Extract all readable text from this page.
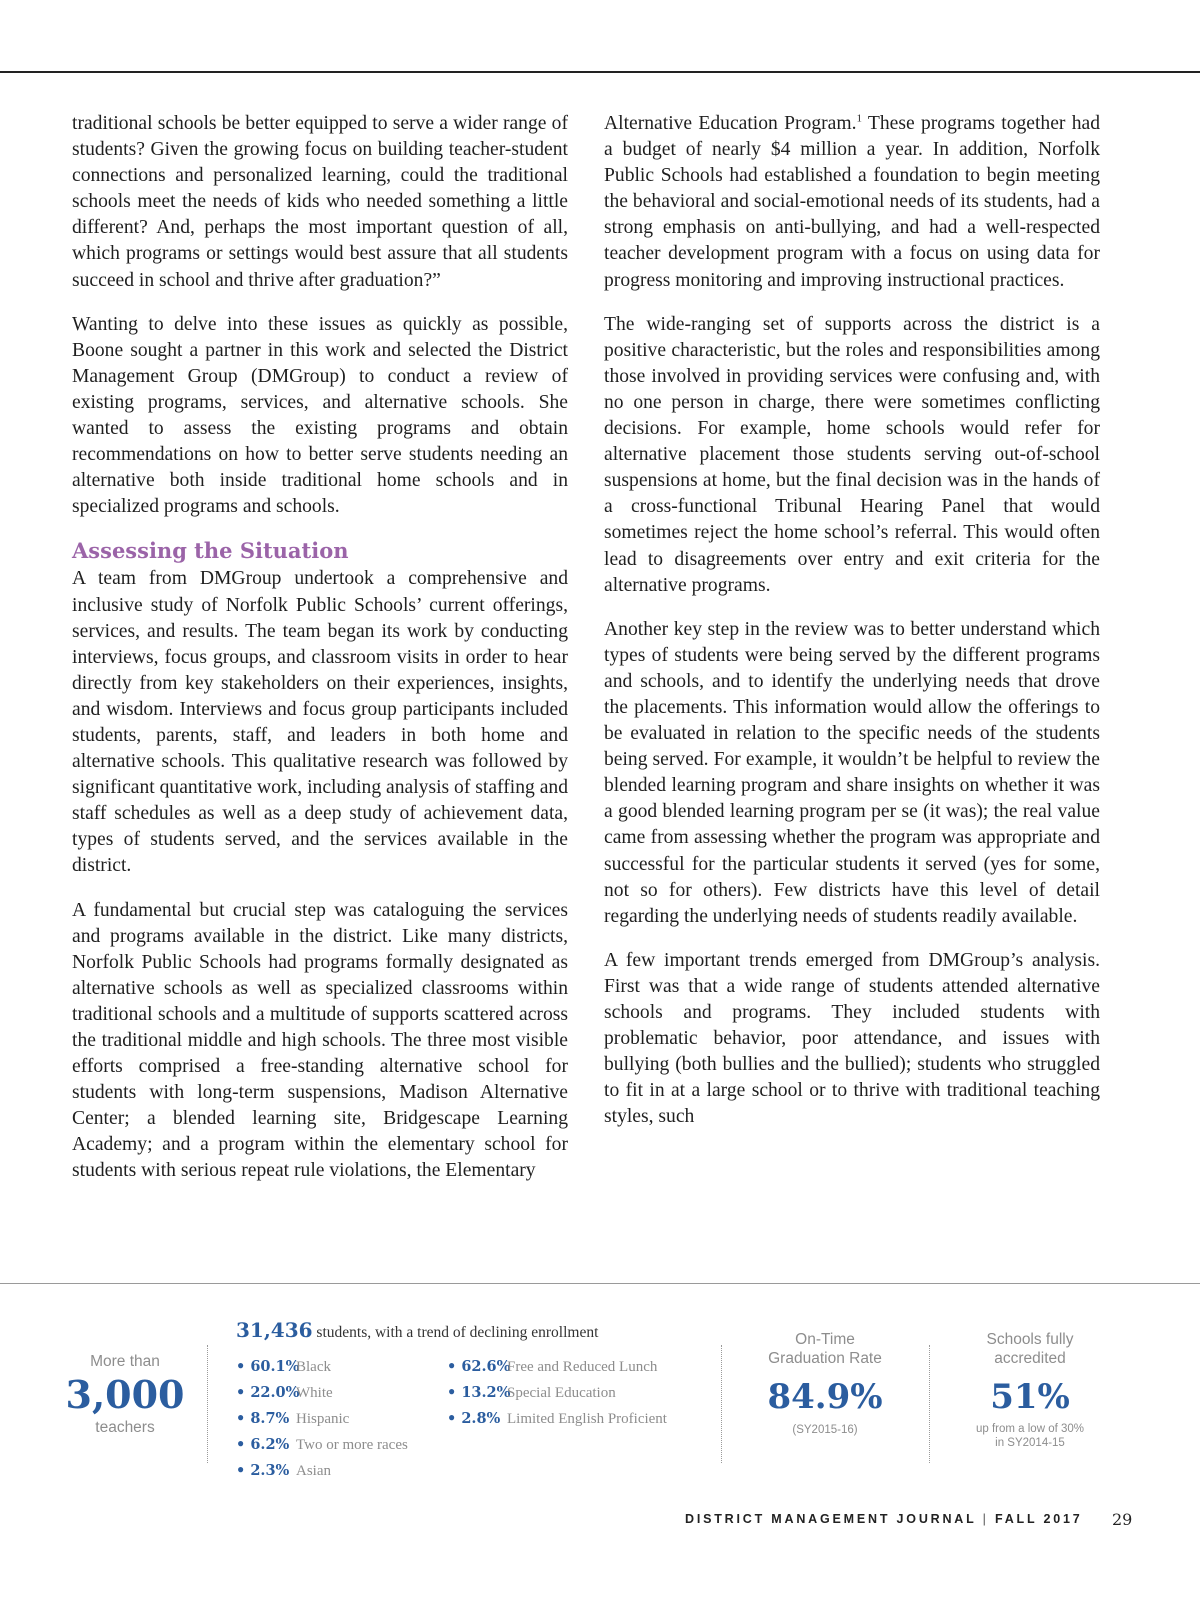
traditional schools be better equipped to serve a wider range of students? Given the growing focus on building teacher-student connections and personalized learning, could the traditional schools meet the needs of kids who needed something a little different? And, perhaps the most important question of all, which programs or settings would best assure that all students succeed in school and thrive after graduation?”

Wanting to delve into these issues as quickly as possible, Boone sought a partner in this work and selected the District Management Group (DMGroup) to conduct a review of existing programs, services, and alternative schools. She wanted to assess the existing programs and obtain recommendations on how to better serve students needing an alternative both inside traditional home schools and in specialized programs and schools.

Assessing the Situation

A team from DMGroup undertook a comprehensive and inclusive study of Norfolk Public Schools’ current offerings, services, and results. The team began its work by conducting interviews, focus groups, and classroom visits in order to hear directly from key stakeholders on their experiences, insights, and wisdom. Interviews and focus group participants included students, parents, staff, and leaders in both home and alternative schools. This qualitative research was followed by significant quantitative work, including analysis of staffing and staff schedules as well as a deep study of achievement data, types of students served, and the services available in the district.

A fundamental but crucial step was cataloguing the services and programs available in the district. Like many districts, Norfolk Public Schools had programs formally designated as alternative schools as well as specialized classrooms within traditional schools and a multitude of supports scattered across the traditional middle and high schools. The three most visible efforts comprised a free-standing alternative school for students with long-term suspensions, Madison Alternative Center; a blended learning site, Bridgescape Learning Academy; and a program within the elementary school for students with serious repeat rule violations, the Elementary

Alternative Education Program.$^1$ These programs together had a budget of nearly $4 million a year. In addition, Norfolk Public Schools had established a foundation to begin meeting the behavioral and social-emotional needs of its students, had a strong emphasis on anti-bullying, and had a well-respected teacher development program with a focus on using data for progress monitoring and improving instructional practices.

The wide-ranging set of supports across the district is a positive characteristic, but the roles and responsibilities among those involved in providing services were confusing and, with no one person in charge, there were sometimes conflicting decisions. For example, home schools would refer for alternative placement those students serving out-of-school suspensions at home, but the final decision was in the hands of a cross-functional Tribunal Hearing Panel that would sometimes reject the home school’s referral. This would often lead to disagreements over entry and exit criteria for the alternative programs.

Another key step in the review was to better understand which types of students were being served by the different programs and schools, and to identify the underlying needs that drove the placements. This information would allow the offerings to be evaluated in relation to the specific needs of the students being served. For example, it wouldn’t be helpful to review the blended learning program and share insights on whether it was a good blended learning program per se (it was); the real value came from assessing whether the program was appropriate and successful for the particular students it served (yes for some, not so for others). Few districts have this level of detail regarding the underlying needs of students readily available.

A few important trends emerged from DMGroup’s analysis. First was that a wide range of students attended alternative schools and programs. They included students with problematic behavior, poor attendance, and issues with bullying (both bullies and the bullied); students who struggled to fit in at a large school or to thrive with traditional teaching styles, such

More than
3,000
teachers
31,436 students, with a trend of declining enrollment
• 60.1%Black
• 22.0%White
• 8.7% Hispanic
• 6.2% Two or more races
• 2.3% Asian
• 62.6%Free and Reduced Lunch
• 13.2%Special Education
• 2.8% Limited English Proficient
On-Time
Graduation Rate
84.9%
(SY2015-16)
Schools fully
accredited
51%
up from a low of 30%
in SY2014-15
DISTRICT MANAGEMENT JOURNAL | FALL 2017 29
